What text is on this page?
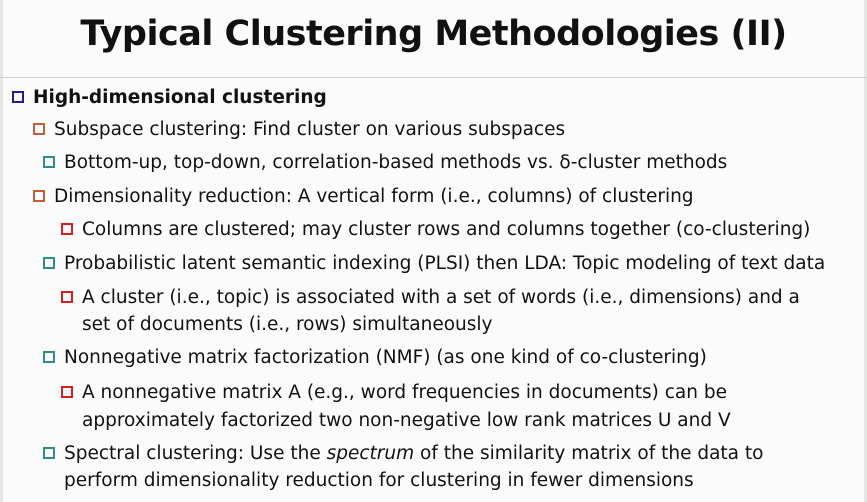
Typical Clustering Methodologies (II)
High-dimensional clustering
Subspace clustering: Find cluster on various subspaces
Bottom-up, top-down, correlation-based methods vs. δ-cluster methods
Dimensionality reduction: A vertical form (i.e., columns) of clustering
Columns are clustered; may cluster rows and columns together (co-clustering)
Probabilistic latent semantic indexing (PLSI) then LDA: Topic modeling of text data
A cluster (i.e., topic) is associated with a set of words (i.e., dimensions) and a
set of documents (i.e., rows) simultaneously
Nonnegative matrix factorization (NMF) (as one kind of co-clustering)
A nonnegative matrix A (e.g., word frequencies in documents) can be
approximately factorized two non-negative low rank matrices U and V
Spectral clustering: Use the spectrum of the similarity matrix of the data to
perform dimensionality reduction for clustering in fewer dimensions
